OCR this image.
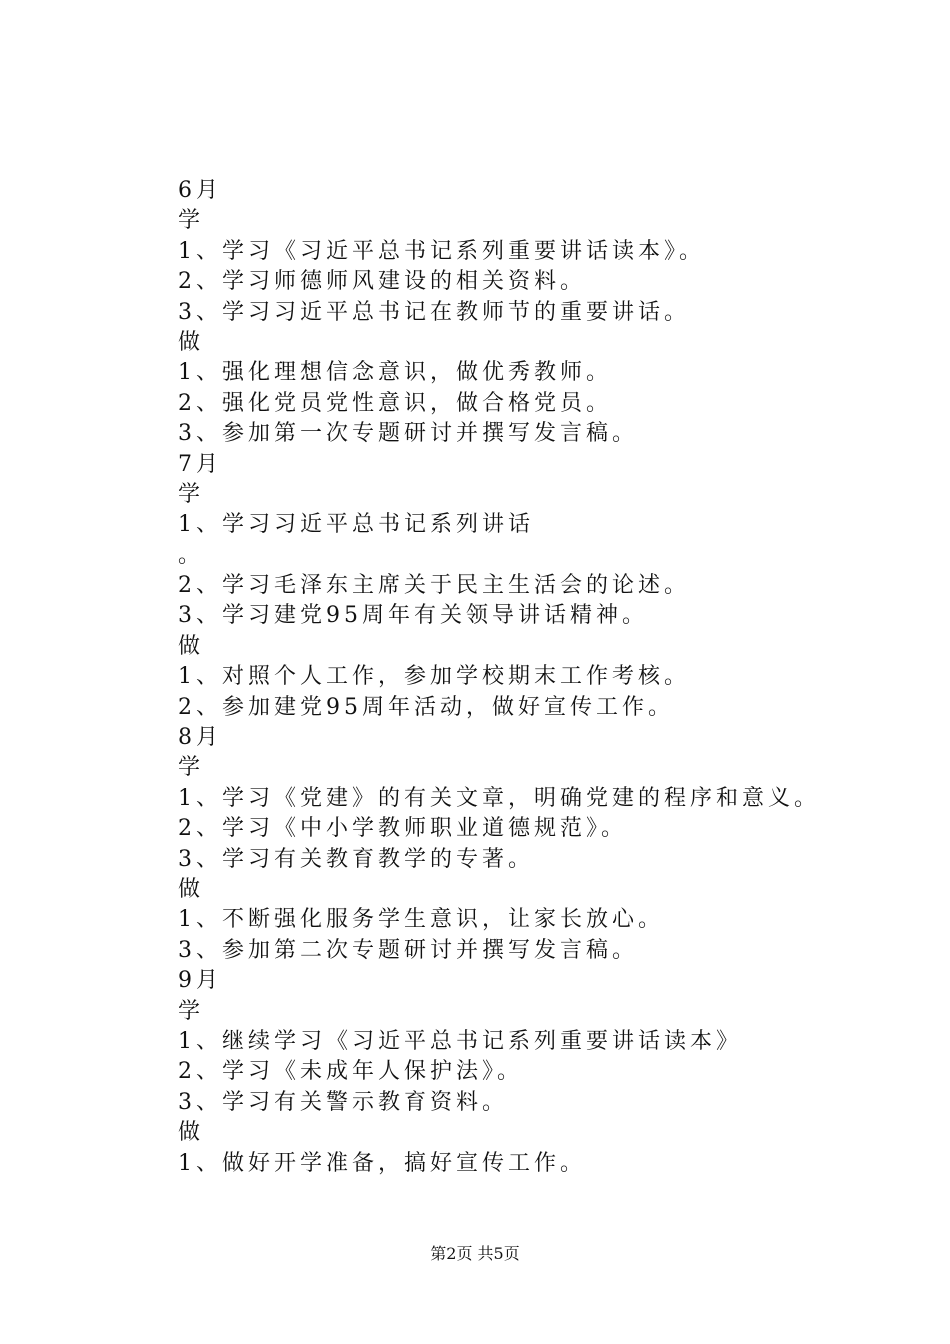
6月
学
1、学习《习近平总书记系列重要讲话读本》。
2、学习师德师风建设的相关资料。
3、学习习近平总书记在教师节的重要讲话。
做
1、强化理想信念意识，做优秀教师。
2、强化党员党性意识，做合格党员。
3、参加第一次专题研讨并撰写发言稿。
7月
学
1、学习习近平总书记系列讲话
。
2、学习毛泽东主席关于民主生活会的论述。
3、学习建党95周年有关领导讲话精神。
做
1、对照个人工作，参加学校期末工作考核。
2、参加建党95周年活动，做好宣传工作。
8月
学
1、学习《党建》的有关文章，明确党建的程序和意义。
2、学习《中小学教师职业道德规范》。
3、学习有关教育教学的专著。
做
1、不断强化服务学生意识，让家长放心。
3、参加第二次专题研讨并撰写发言稿。
9月
学
1、继续学习《习近平总书记系列重要讲话读本》
2、学习《未成年人保护法》。
3、学习有关警示教育资料。
做
1、做好开学准备，搞好宣传工作。
第2页 共5页
